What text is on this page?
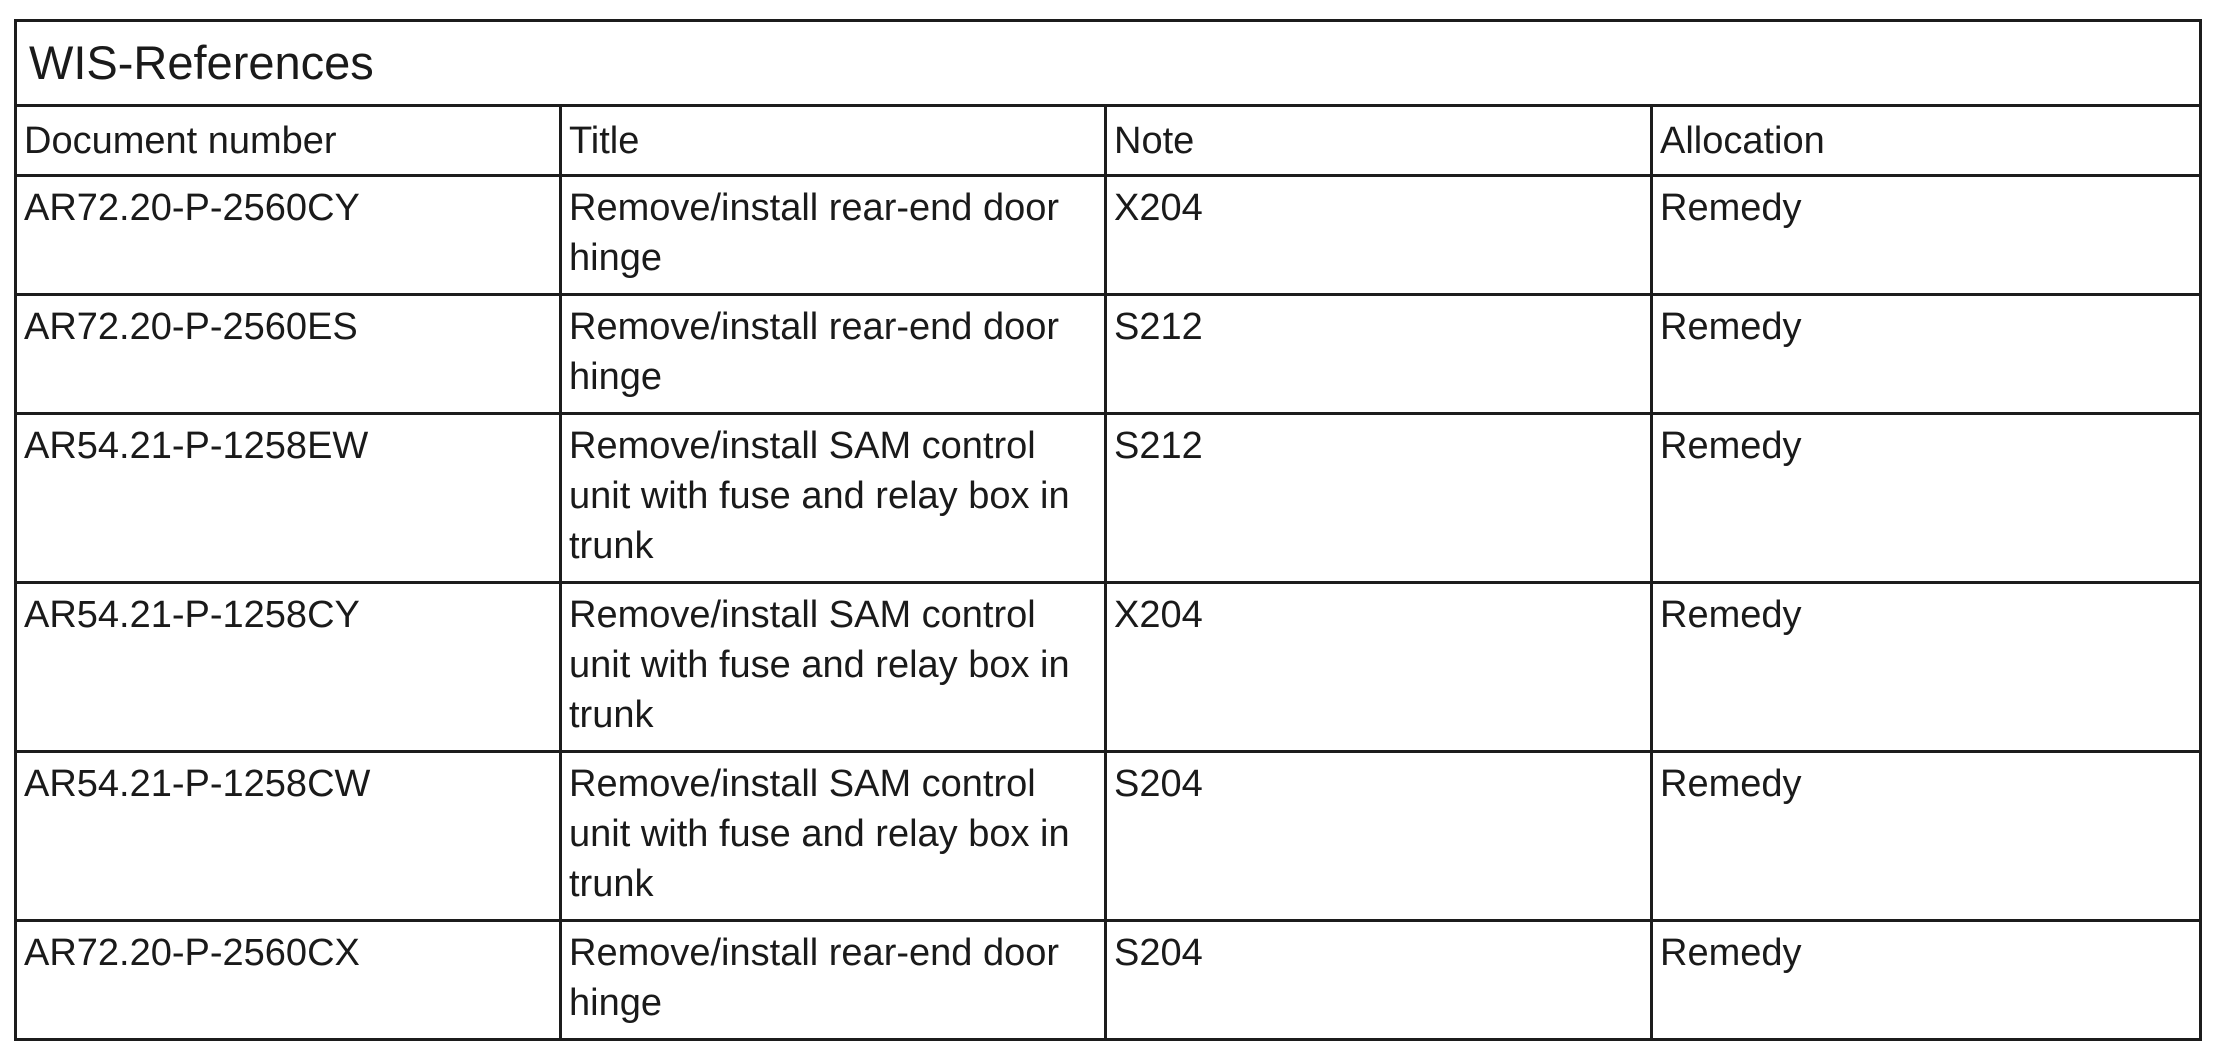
WIS-References			
Document number	Title	Note	Allocation
AR72.20-P-2560CY	Remove/install rear-end door hinge	X204	Remedy
AR72.20-P-2560ES	Remove/install rear-end door hinge	S212	Remedy
AR54.21-P-1258EW	Remove/install SAM control unit with fuse and relay box in trunk	S212	Remedy
AR54.21-P-1258CY	Remove/install SAM control unit with fuse and relay box in trunk	X204	Remedy
AR54.21-P-1258CW	Remove/install SAM control unit with fuse and relay box in trunk	S204	Remedy
AR72.20-P-2560CX	Remove/install rear-end door hinge	S204	Remedy
